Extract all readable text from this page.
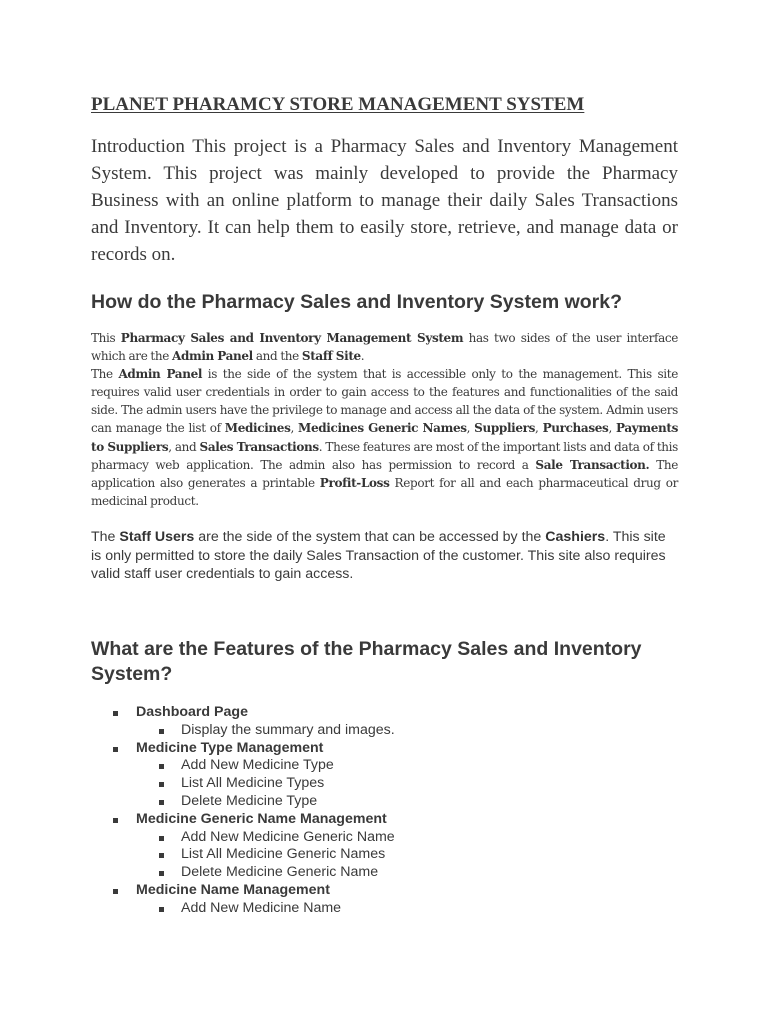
PLANET PHARAMCY STORE MANAGEMENT SYSTEM

Introduction This project is a Pharmacy Sales and Inventory Management System. This project was mainly developed to provide the Pharmacy Business with an online platform to manage their daily Sales Transactions and Inventory. It can help them to easily store, retrieve, and manage data or records on.

How do the Pharmacy Sales and Inventory System work?

This Pharmacy Sales and Inventory Management System has two sides of the user interface which are the Admin Panel and the Staff Site.

The Admin Panel is the side of the system that is accessible only to the management. This site requires valid user credentials in order to gain access to the features and functionalities of the said side. The admin users have the privilege to manage and access all the data of the system. Admin users can manage the list of Medicines, Medicines Generic Names, Suppliers, Purchases, Payments to Suppliers, and Sales Transactions. These features are most of the important lists and data of this pharmacy web application. The admin also has permission to record a Sale Transaction. The application also generates a printable Profit-Loss Report for all and each pharmaceutical drug or medicinal product.

The Staff Users are the side of the system that can be accessed by the Cashiers. This site is only permitted to store the daily Sales Transaction of the customer. This site also requires valid staff user credentials to gain access.

What are the Features of the Pharmacy Sales and Inventory System?
Dashboard Page
Display the summary and images.
Medicine Type Management
Add New Medicine Type
List All Medicine Types
Delete Medicine Type
Medicine Generic Name Management
Add New Medicine Generic Name
List All Medicine Generic Names
Delete Medicine Generic Name
Medicine Name Management
Add New Medicine Name
